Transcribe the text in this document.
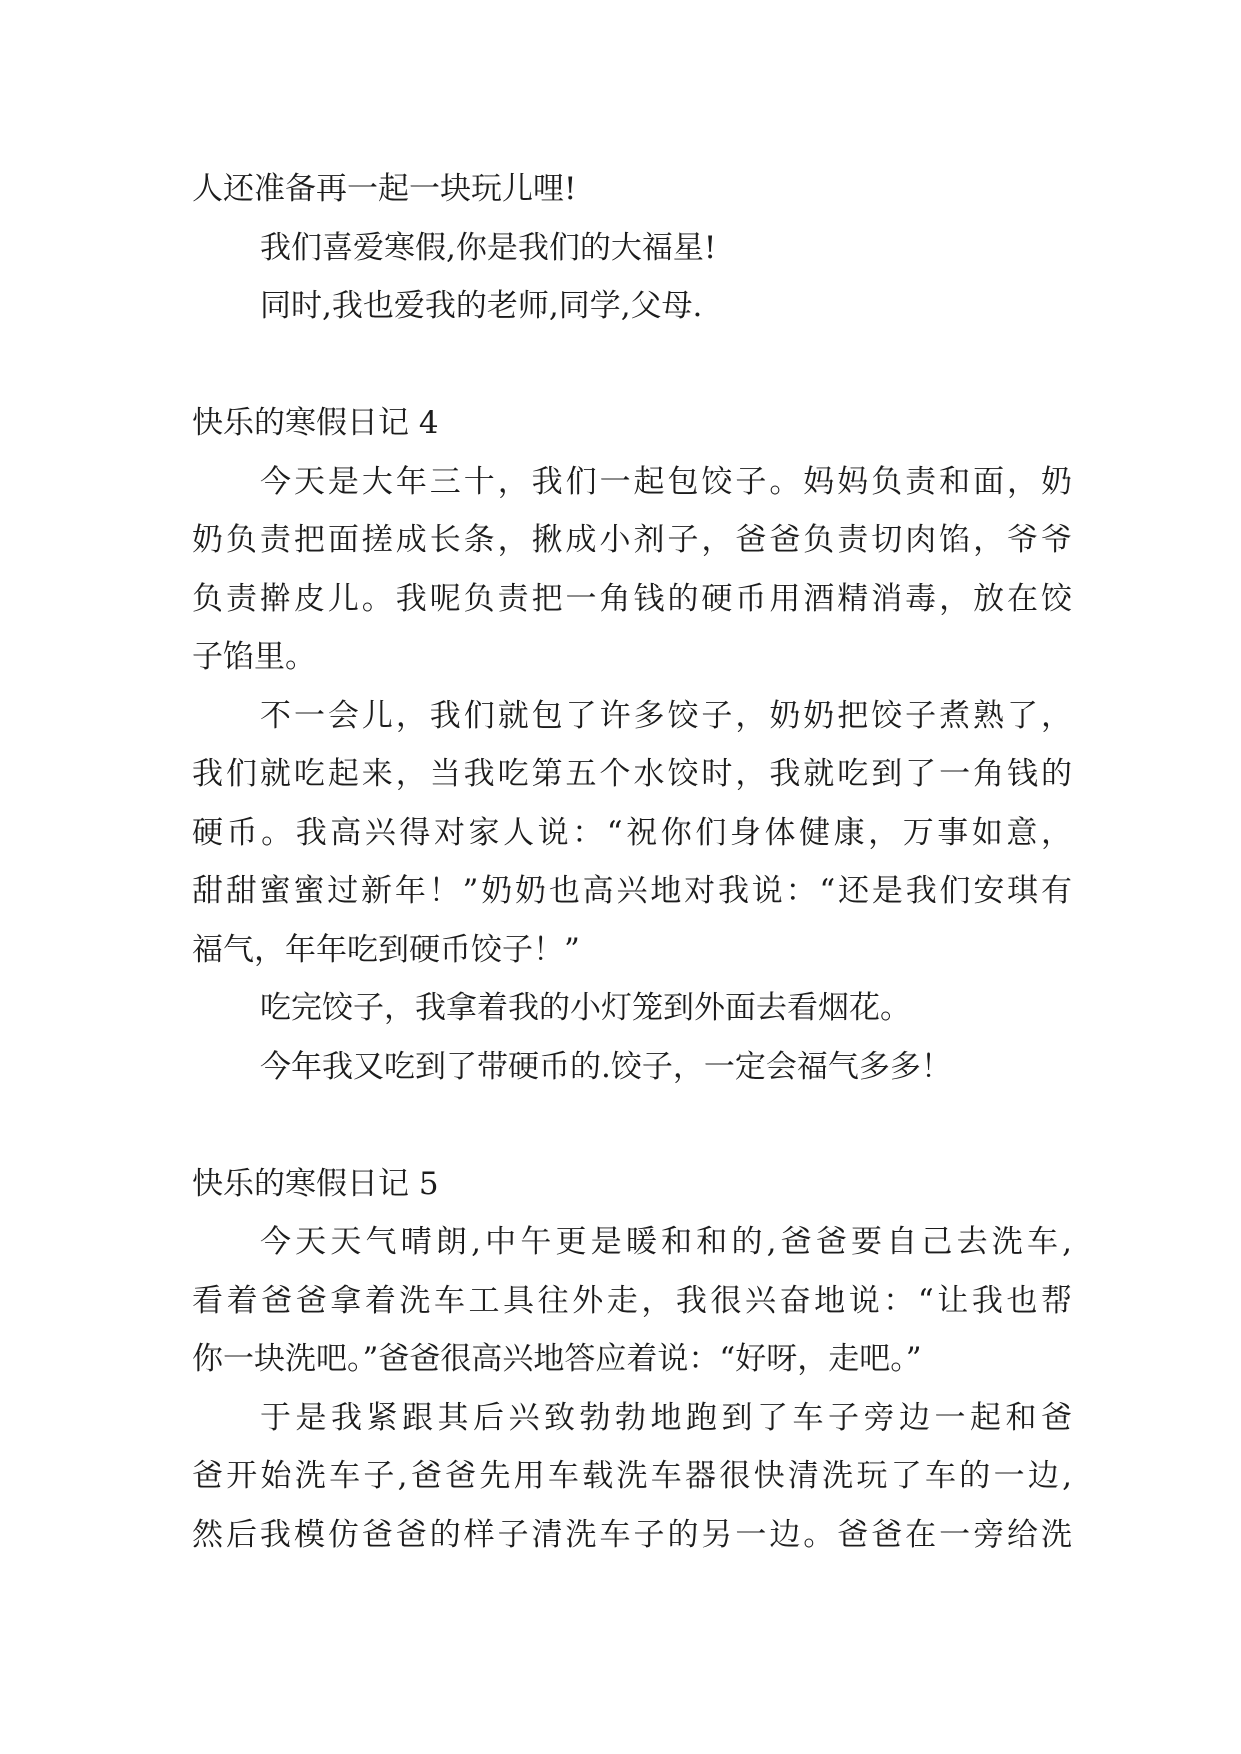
人还准备再一起一块玩儿哩!
我们喜爱寒假,你是我们的大福星!
同时,我也爱我的老师,同学,父母.
快乐的寒假日记 4
今天是大年三十，我们一起包饺子。妈妈负责和面，奶
奶负责把面搓成长条，揪成小剂子，爸爸负责切肉馅，爷爷
负责擀皮儿。我呢负责把一角钱的硬币用酒精消毒，放在饺
子馅里。
不一会儿，我们就包了许多饺子，奶奶把饺子煮熟了，
我们就吃起来，当我吃第五个水饺时，我就吃到了一角钱的
硬币。我高兴得对家人说：“祝你们身体健康，万事如意，
甜甜蜜蜜过新年！”奶奶也高兴地对我说：“还是我们安琪有
福气，年年吃到硬币饺子！”
吃完饺子，我拿着我的小灯笼到外面去看烟花。
今年我又吃到了带硬币的.饺子，一定会福气多多！
快乐的寒假日记 5
今天天气晴朗,中午更是暖和和的,爸爸要自己去洗车,
看着爸爸拿着洗车工具往外走，我很兴奋地说：“让我也帮
你一块洗吧。”爸爸很高兴地答应着说：“好呀，走吧。”
于是我紧跟其后兴致勃勃地跑到了车子旁边一起和爸
爸开始洗车子,爸爸先用车载洗车器很快清洗玩了车的一边,
然后我模仿爸爸的样子清洗车子的另一边。爸爸在一旁给洗
